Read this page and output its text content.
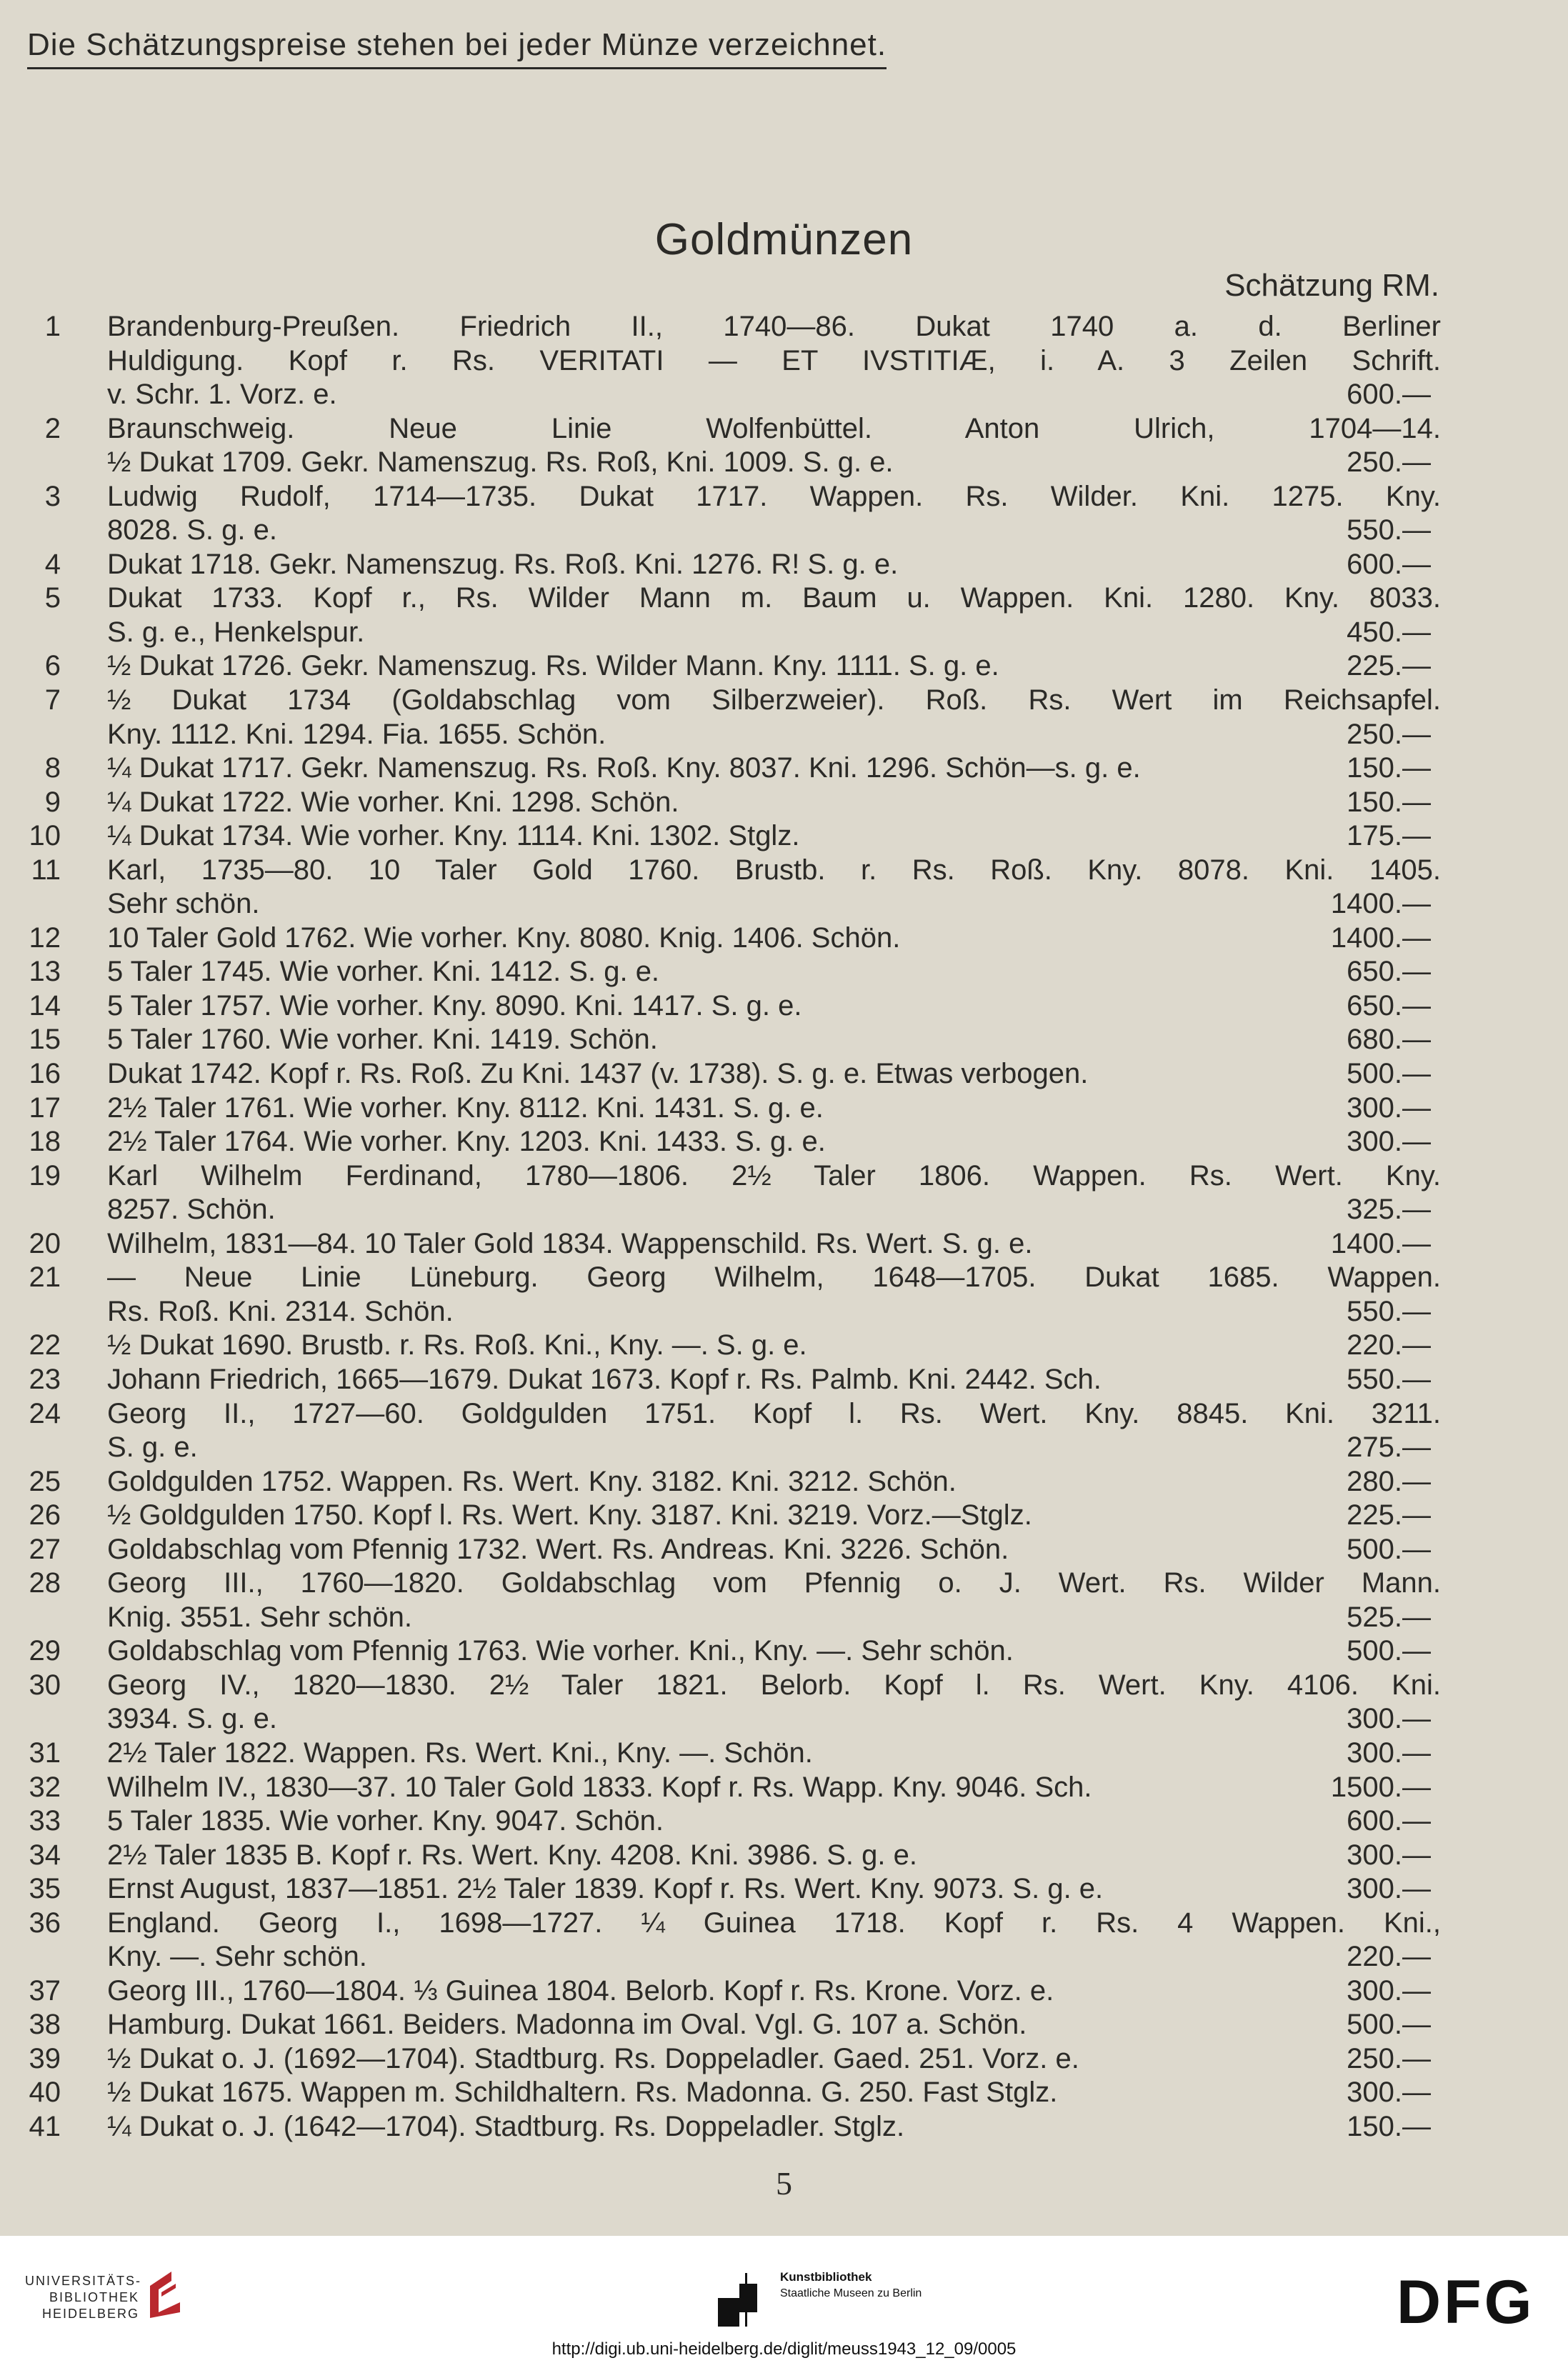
Die Schätzungspreise stehen bei jeder Münze verzeichnet.
Goldmünzen
Schätzung RM.
1 Brandenburg-Preußen. Friedrich II., 1740—86. Dukat 1740 a. d. Berliner
Huldigung. Kopf r. Rs. VERITATI — ET IVSTITIÆ, i. A. 3 Zeilen Schrift.
v. Schr. 1. Vorz. e.	600.—
2 Braunschweig. Neue Linie Wolfenbüttel. Anton Ulrich, 1704—14.
½ Dukat 1709. Gekr. Namenszug. Rs. Roß, Kni. 1009. S. g. e.	250.—
3 Ludwig Rudolf, 1714—1735. Dukat 1717. Wappen. Rs. Wilder. Kni. 1275. Kny.
8028. S. g. e.	550.—
4 Dukat 1718. Gekr. Namenszug. Rs. Roß. Kni. 1276. R! S. g. e.	600.—
5 Dukat 1733. Kopf r., Rs. Wilder Mann m. Baum u. Wappen. Kni. 1280. Kny. 8033.
S. g. e., Henkelspur.	450.—
6 ½ Dukat 1726. Gekr. Namenszug. Rs. Wilder Mann. Kny. 1111. S. g. e.	225.—
7 ½ Dukat 1734 (Goldabschlag vom Silberzweier). Roß. Rs. Wert im Reichsapfel.
Kny. 1112. Kni. 1294. Fia. 1655. Schön.	250.—
8 ¼ Dukat 1717. Gekr. Namenszug. Rs. Roß. Kny. 8037. Kni. 1296. Schön—s. g. e.	150.—
9 ¼ Dukat 1722. Wie vorher. Kni. 1298. Schön.	150.—
10 ¼ Dukat 1734. Wie vorher. Kny. 1114. Kni. 1302. Stglz.	175.—
11 Karl, 1735—80. 10 Taler Gold 1760. Brustb. r. Rs. Roß. Kny. 8078. Kni. 1405.
Sehr schön.	1400.—
12 10 Taler Gold 1762. Wie vorher. Kny. 8080. Knig. 1406. Schön.	1400.—
13 5 Taler 1745. Wie vorher. Kni. 1412. S. g. e.	650.—
14 5 Taler 1757. Wie vorher. Kny. 8090. Kni. 1417. S. g. e.	650.—
15 5 Taler 1760. Wie vorher. Kni. 1419. Schön.	680.—
16 Dukat 1742. Kopf r. Rs. Roß. Zu Kni. 1437 (v. 1738). S. g. e. Etwas verbogen.	500.—
17 2½ Taler 1761. Wie vorher. Kny. 8112. Kni. 1431. S. g. e.	300.—
18 2½ Taler 1764. Wie vorher. Kny. 1203. Kni. 1433. S. g. e.	300.—
19 Karl Wilhelm Ferdinand, 1780—1806. 2½ Taler 1806. Wappen. Rs. Wert. Kny.
8257. Schön.	325.—
20 Wilhelm, 1831—84. 10 Taler Gold 1834. Wappenschild. Rs. Wert. S. g. e.	1400.—
21 — Neue Linie Lüneburg. Georg Wilhelm, 1648—1705. Dukat 1685. Wappen.
Rs. Roß. Kni. 2314. Schön.	550.—
22 ½ Dukat 1690. Brustb. r. Rs. Roß. Kni., Kny. —. S. g. e.	220.—
23 Johann Friedrich, 1665—1679. Dukat 1673. Kopf r. Rs. Palmb. Kni. 2442. Sch.	550.—
24 Georg II., 1727—60. Goldgulden 1751. Kopf l. Rs. Wert. Kny. 8845. Kni. 3211.
S. g. e.	275.—
25 Goldgulden 1752. Wappen. Rs. Wert. Kny. 3182. Kni. 3212. Schön.	280.—
26 ½ Goldgulden 1750. Kopf l. Rs. Wert. Kny. 3187. Kni. 3219. Vorz.—Stglz.	225.—
27 Goldabschlag vom Pfennig 1732. Wert. Rs. Andreas. Kni. 3226. Schön.	500.—
28 Georg III., 1760—1820. Goldabschlag vom Pfennig o. J. Wert. Rs. Wilder Mann.
Knig. 3551. Sehr schön.	525.—
29 Goldabschlag vom Pfennig 1763. Wie vorher. Kni., Kny. —. Sehr schön.	500.—
30 Georg IV., 1820—1830. 2½ Taler 1821. Belorb. Kopf l. Rs. Wert. Kny. 4106. Kni.
3934. S. g. e.	300.—
31 2½ Taler 1822. Wappen. Rs. Wert. Kni., Kny. —. Schön.	300.—
32 Wilhelm IV., 1830—37. 10 Taler Gold 1833. Kopf r. Rs. Wapp. Kny. 9046. Sch.	1500.—
33 5 Taler 1835. Wie vorher. Kny. 9047. Schön.	600.—
34 2½ Taler 1835 B. Kopf r. Rs. Wert. Kny. 4208. Kni. 3986. S. g. e.	300.—
35 Ernst August, 1837—1851. 2½ Taler 1839. Kopf r. Rs. Wert. Kny. 9073. S. g. e.	300.—
36 England. Georg I., 1698—1727. ¼ Guinea 1718. Kopf r. Rs. 4 Wappen. Kni.,
Kny. —. Sehr schön.	220.—
37 Georg III., 1760—1804. ⅓ Guinea 1804. Belorb. Kopf r. Rs. Krone. Vorz. e.	300.—
38 Hamburg. Dukat 1661. Beiders. Madonna im Oval. Vgl. G. 107 a. Schön.	500.—
39 ½ Dukat o. J. (1692—1704). Stadtburg. Rs. Doppeladler. Gaed. 251. Vorz. e.	250.—
40 ½ Dukat 1675. Wappen m. Schildhaltern. Rs. Madonna. G. 250. Fast Stglz.	300.—
41 ¼ Dukat o. J. (1642—1704). Stadtburg. Rs. Doppeladler. Stglz.	150.—
5
UNIVERSITÄTS-
BIBLIOTHEK
HEIDELBERG
Kunstbibliothek
Staatliche Museen zu Berlin	DFG
http://digi.ub.uni-heidelberg.de/diglit/meuss1943_12_09/0005
